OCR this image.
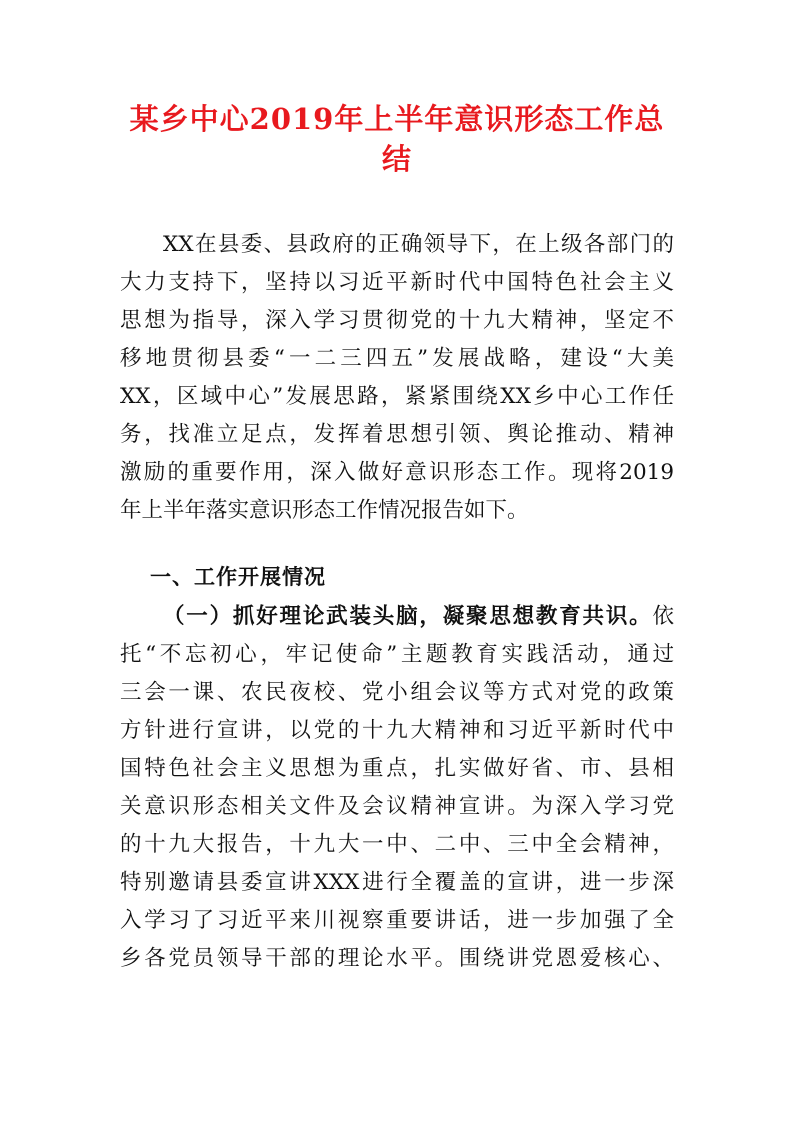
某乡中心2019年上半年意识形态工作总
结
XX在县委、县政府的正确领导下，在上级各部门的
大力支持下，坚持以习近平新时代中国特色社会主义
思想为指导，深入学习贯彻党的十九大精神，坚定不
移地贯彻县委“一二三四五”发展战略，建设“大美
XX，区域中心”发展思路，紧紧围绕XX乡中心工作任
务，找准立足点，发挥着思想引领、舆论推动、精神
激励的重要作用，深入做好意识形态工作。现将2019
年上半年落实意识形态工作情况报告如下。
一、工作开展情况
（一）抓好理论武装头脑，凝聚思想教育共识。依
托“不忘初心，牢记使命”主题教育实践活动，通过
三会一课、农民夜校、党小组会议等方式对党的政策
方针进行宣讲，以党的十九大精神和习近平新时代中
国特色社会主义思想为重点，扎实做好省、市、县相
关意识形态相关文件及会议精神宣讲。为深入学习党
的十九大报告，十九大一中、二中、三中全会精神，
特别邀请县委宣讲XXX进行全覆盖的宣讲，进一步深
入学习了习近平来川视察重要讲话，进一步加强了全
乡各党员领导干部的理论水平。围绕讲党恩爱核心、
